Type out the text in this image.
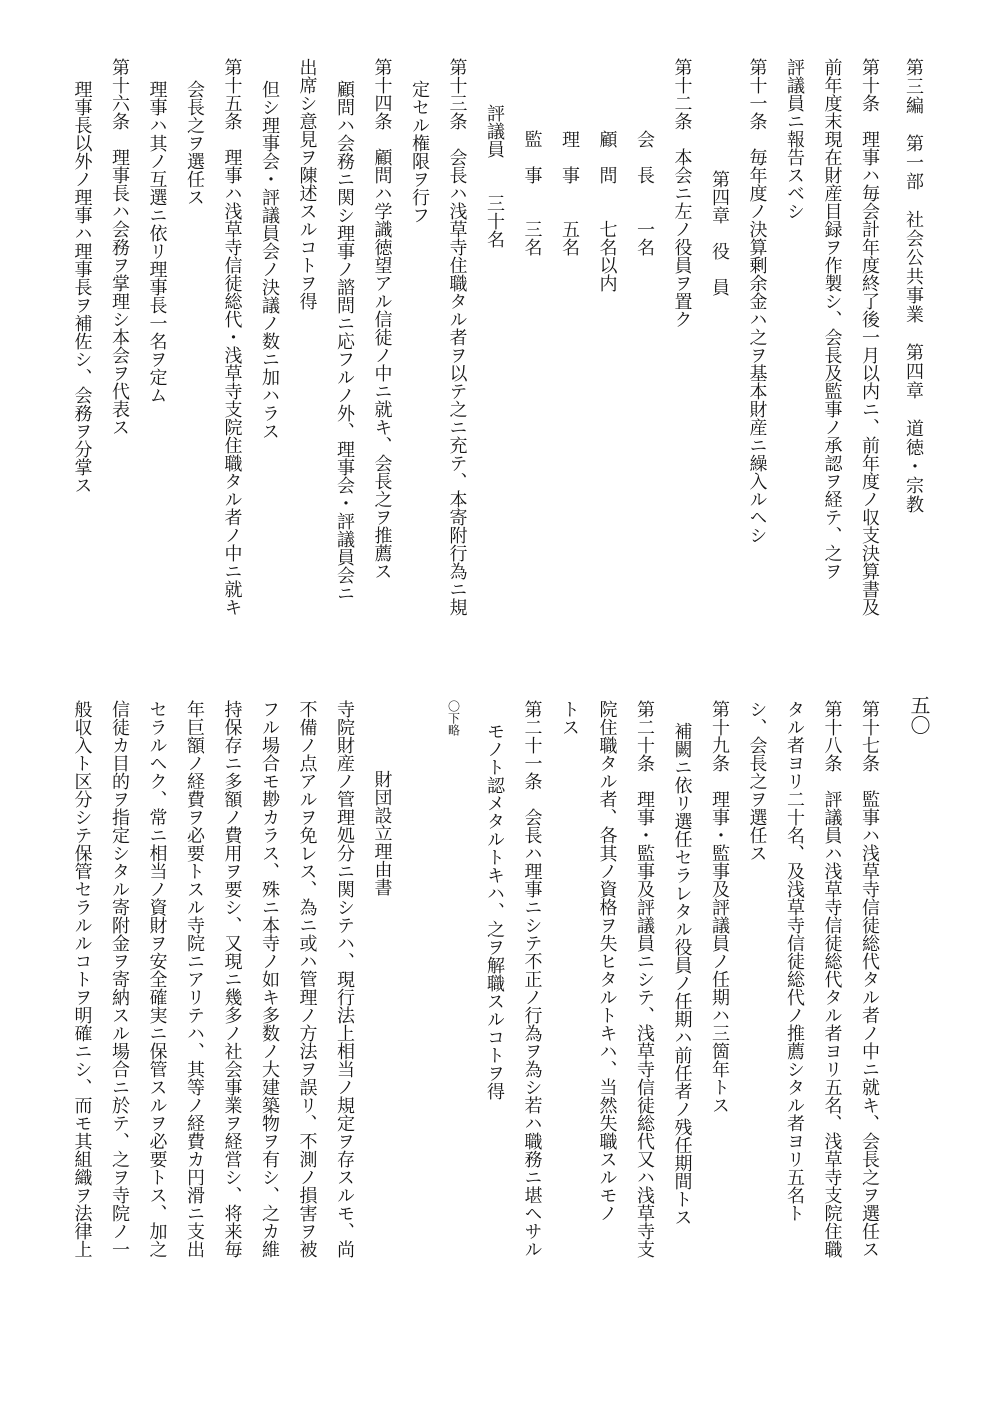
第三編　第一部　社会公共事業　第四章　道徳・宗教
五〇
第十条　理事ハ毎会計年度終了後一月以内ニ、前年度ノ収支決算書及
前年度末現在財産目録ヲ作製シ、会長及監事ノ承認ヲ経テ、之ヲ
評議員ニ報告スベシ
第十一条　毎年度ノ決算剰余金ハ之ヲ基本財産ニ繰入ルヘシ
第四章　役　員
第十二条　本会ニ左ノ役員ヲ置ク
会　長　　一名
顧　問　　七名以内
理　事　　五名
監　事　　三名
評議員　　三十名
第十三条　会長ハ浅草寺住職タル者ヲ以テ之ニ充テ、本寄附行為ニ規
定セル権限ヲ行フ
第十四条　顧問ハ学識徳望アル信徒ノ中ニ就キ、会長之ヲ推薦ス
顧問ハ会務ニ関シ理事ノ諮問ニ応フルノ外、理事会・評議員会ニ
出席シ意見ヲ陳述スルコトヲ得
但シ理事会・評議員会ノ決議ノ数ニ加ハラス
第十五条　理事ハ浅草寺信徒総代・浅草寺支院住職タル者ノ中ニ就キ
会長之ヲ選任ス
理事ハ其ノ互選ニ依リ理事長一名ヲ定ム
第十六条　理事長ハ会務ヲ掌理シ本会ヲ代表ス
理事長以外ノ理事ハ理事長ヲ補佐シ、会務ヲ分掌ス
第十七条　監事ハ浅草寺信徒総代タル者ノ中ニ就キ、会長之ヲ選任ス
第十八条　評議員ハ浅草寺信徒総代タル者ヨリ五名、浅草寺支院住職
タル者ヨリ二十名、及浅草寺信徒総代ノ推薦シタル者ヨリ五名ト
シ、会長之ヲ選任ス
第十九条　理事・監事及評議員ノ任期ハ三箇年トス
補闕ニ依リ選任セラレタル役員ノ任期ハ前任者ノ残任期間トス
第二十条　理事・監事及評議員ニシテ、浅草寺信徒総代又ハ浅草寺支
院住職タル者、各其ノ資格ヲ失ヒタルトキハ、当然失職スルモノ
トス
第二十一条　会長ハ理事ニシテ不正ノ行為ヲ為シ若ハ職務ニ堪ヘサル
モノト認メタルトキハ、之ヲ解職スルコトヲ得
〇下略
財団設立理由書
寺院財産ノ管理処分ニ関シテハ、現行法上相当ノ規定ヲ存スルモ、尚
不備ノ点アルヲ免レス、為ニ或ハ管理ノ方法ヲ誤リ、不測ノ損害ヲ被
フル場合モ尠カラス、殊ニ本寺ノ如キ多数ノ大建築物ヲ有シ、之カ維
持保存ニ多額ノ費用ヲ要シ、又現ニ幾多ノ社会事業ヲ経営シ、将来毎
年巨額ノ経費ヲ必要トスル寺院ニアリテハ、其等ノ経費カ円滑ニ支出
セラルヘク、常ニ相当ノ資財ヲ安全確実ニ保管スルヲ必要トス、加之
信徒カ目的ヲ指定シタル寄附金ヲ寄納スル場合ニ於テ、之ヲ寺院ノ一
般収入ト区分シテ保管セラルルコトヲ明確ニシ、而モ其組織ヲ法律上
